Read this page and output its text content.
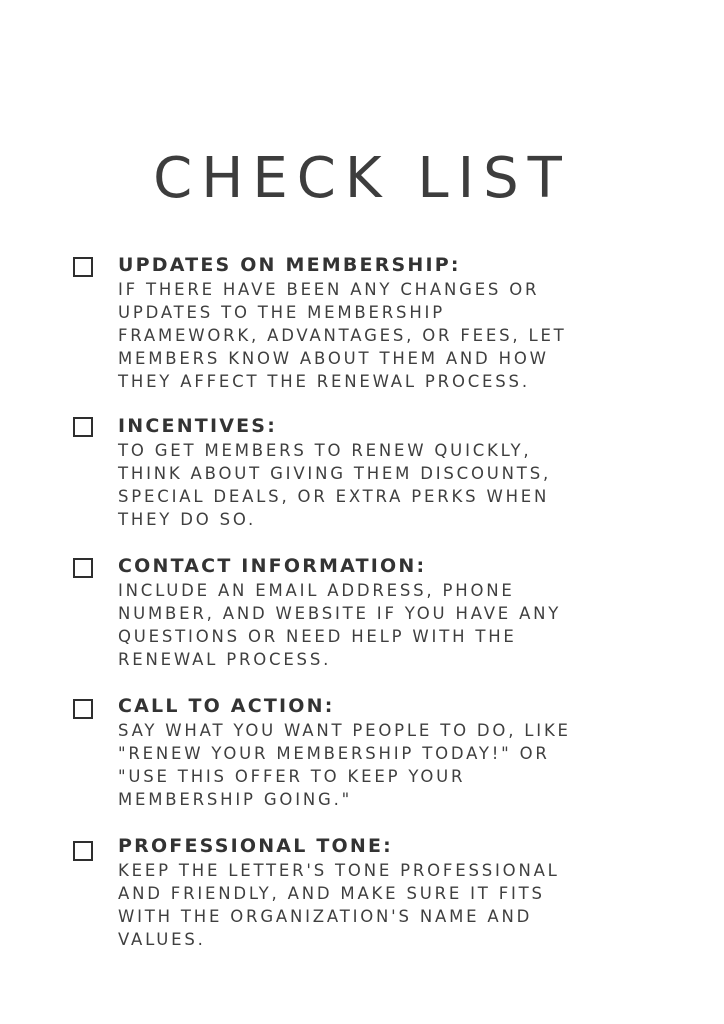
CHECK LIST
UPDATES ON MEMBERSHIP:
IF THERE HAVE BEEN ANY CHANGES OR
UPDATES TO THE MEMBERSHIP
FRAMEWORK, ADVANTAGES, OR FEES, LET
MEMBERS KNOW ABOUT THEM AND HOW
THEY AFFECT THE RENEWAL PROCESS.
INCENTIVES:
TO GET MEMBERS TO RENEW QUICKLY,
THINK ABOUT GIVING THEM DISCOUNTS,
SPECIAL DEALS, OR EXTRA PERKS WHEN
THEY DO SO.
CONTACT INFORMATION:
INCLUDE AN EMAIL ADDRESS, PHONE
NUMBER, AND WEBSITE IF YOU HAVE ANY
QUESTIONS OR NEED HELP WITH THE
RENEWAL PROCESS.
CALL TO ACTION:
SAY WHAT YOU WANT PEOPLE TO DO, LIKE
"RENEW YOUR MEMBERSHIP TODAY!" OR
"USE THIS OFFER TO KEEP YOUR
MEMBERSHIP GOING."
PROFESSIONAL TONE:
KEEP THE LETTER'S TONE PROFESSIONAL
AND FRIENDLY, AND MAKE SURE IT FITS
WITH THE ORGANIZATION'S NAME AND
VALUES.
